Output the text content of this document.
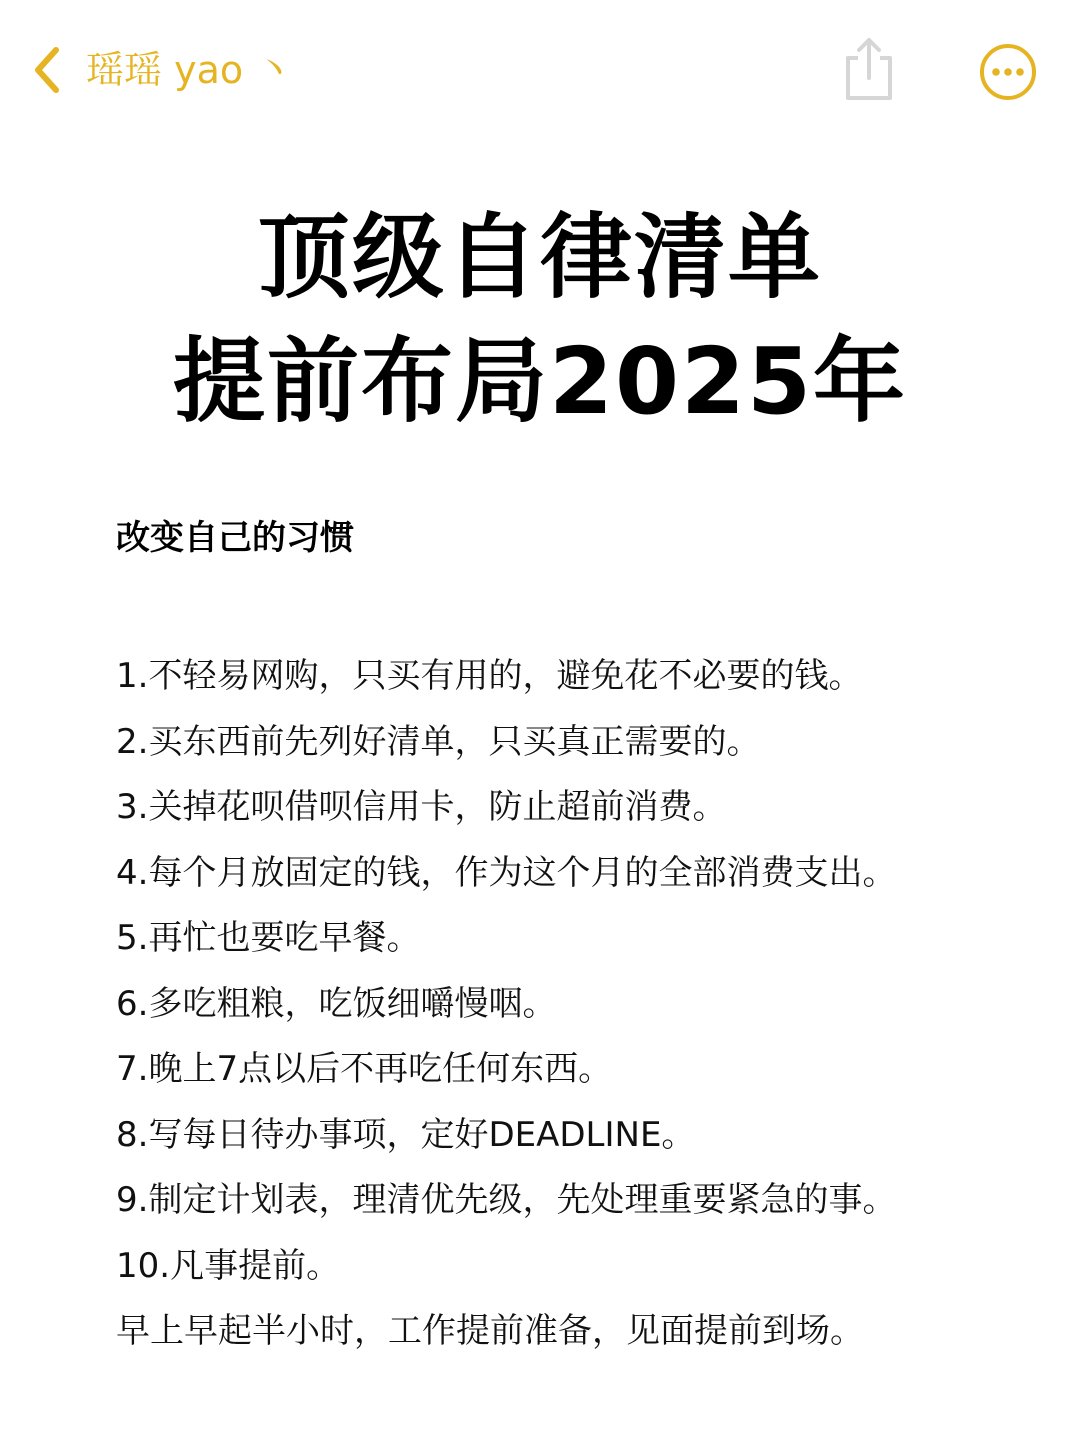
瑶瑶 yao 丶
顶级自律清单
提前布局2025年

改变自己的习惯

1.不轻易网购，只买有用的，避免花不必要的钱。
2.买东西前先列好清单，只买真正需要的。
3.关掉花呗借呗信用卡，防止超前消费。
4.每个月放固定的钱，作为这个月的全部消费支出。
5.再忙也要吃早餐。
6.多吃粗粮，吃饭细嚼慢咽。
7.晚上7点以后不再吃任何东西。
8.写每日待办事项，定好DEADLINE。
9.制定计划表，理清优先级，先处理重要紧急的事。
10.凡事提前。
早上早起半小时，工作提前准备，见面提前到场。
